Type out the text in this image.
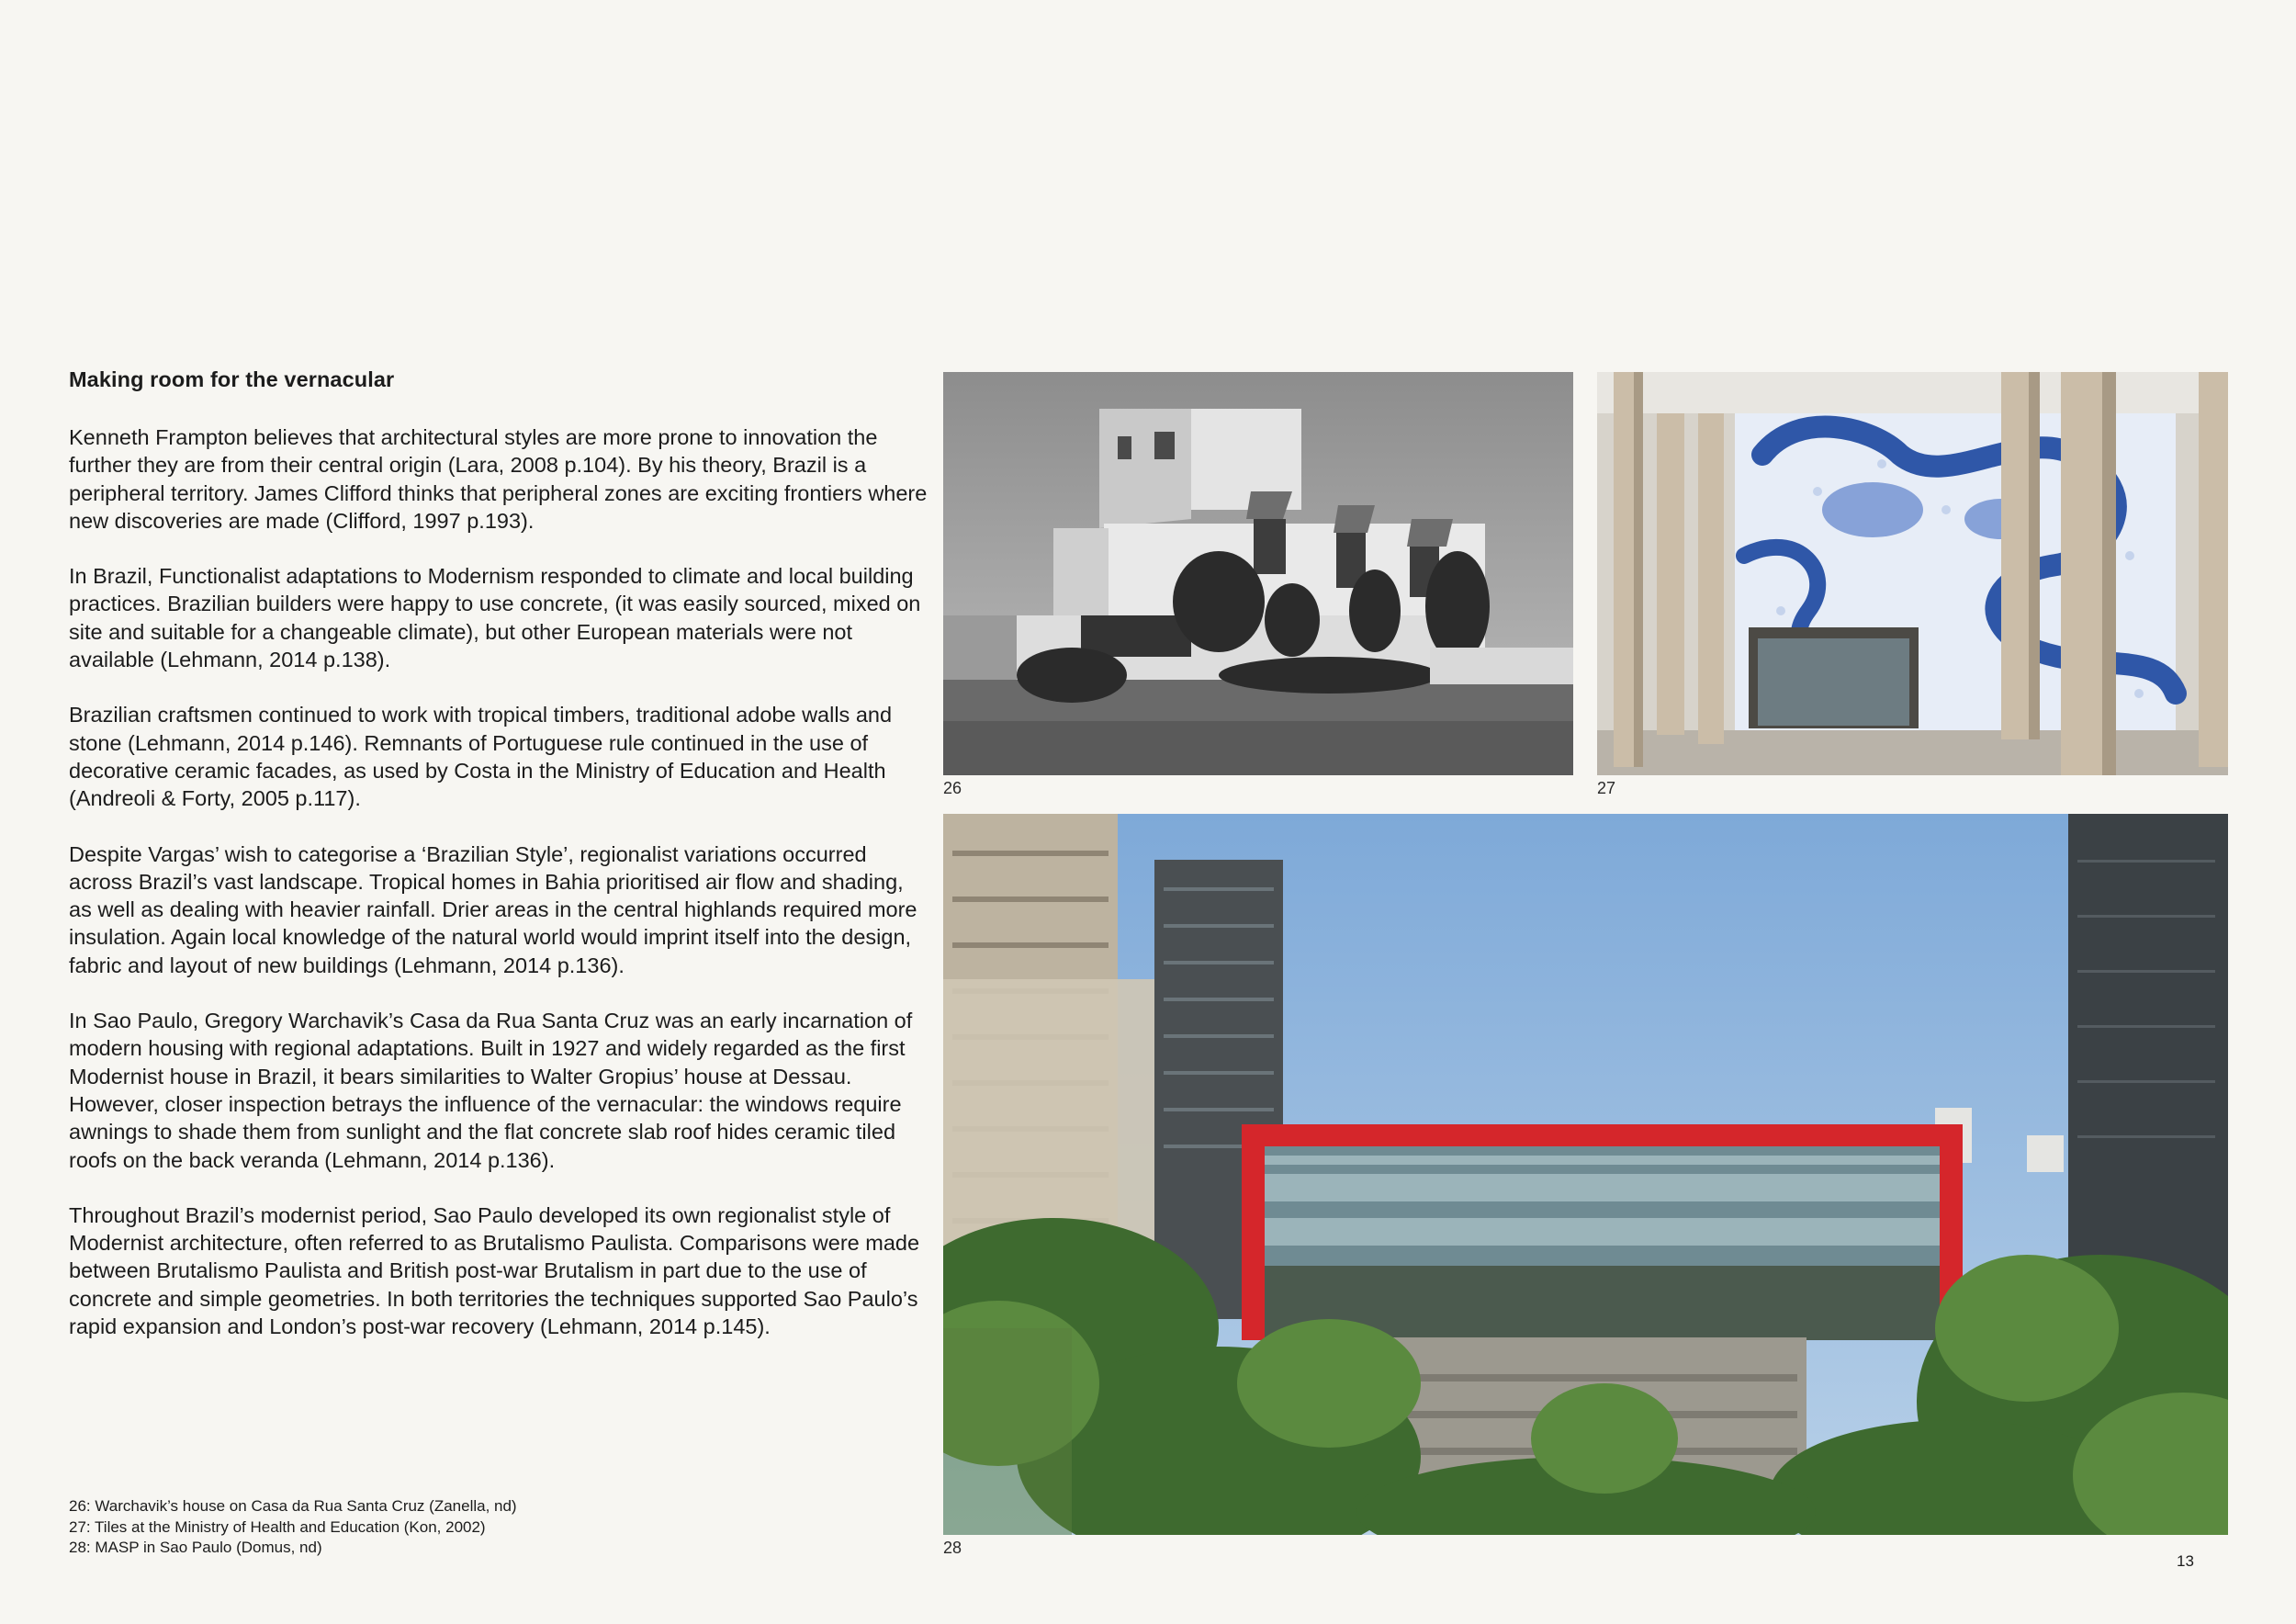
Making room for the vernacular

Kenneth Frampton believes that architectural styles are more prone to innovation the further they are from their central origin (Lara, 2008 p.104). By his theory, Brazil is a peripheral territory. James Clifford thinks that peripheral zones are exciting frontiers where new discoveries are made (Clifford, 1997 p.193).

In Brazil, Functionalist adaptations to Modernism responded to climate and local building practices. Brazilian builders were happy to use concrete, (it was easily sourced, mixed on site and suitable for a changeable climate), but other European materials were not available (Lehmann, 2014 p.138).

Brazilian craftsmen continued to work with tropical timbers, traditional adobe walls and stone (Lehmann, 2014 p.146). Remnants of Portuguese rule continued in the use of decorative ceramic facades, as used by Costa in the Ministry of Education and Health (Andreoli & Forty, 2005 p.117).

Despite Vargas’ wish to categorise a ‘Brazilian Style’, regionalist variations occurred across Brazil’s vast landscape. Tropical homes in Bahia prioritised air flow and shading, as well as dealing with heavier rainfall. Drier areas in the central highlands required more insulation. Again local knowledge of the natural world would imprint itself into the design, fabric and layout of new buildings (Lehmann, 2014 p.136).

In Sao Paulo, Gregory Warchavik’s Casa da Rua Santa Cruz was an early incarnation of modern housing with regional adaptations. Built in 1927 and widely regarded as the first Modernist house in Brazil, it bears similarities to Walter Gropius’ house at Dessau. However, closer inspection betrays the influence of the vernacular: the windows require awnings to shade them from sunlight and the flat concrete slab roof hides ceramic tiled roofs on the back veranda (Lehmann, 2014 p.136).

Throughout Brazil’s modernist period, Sao Paulo developed its own regionalist style of Modernist architecture, often referred to as Brutalismo Paulista. Comparisons were made between Brutalismo Paulista and British post-war Brutalism in part due to the use of concrete and simple geometries. In both territories the techniques supported Sao Paulo’s rapid expansion and London’s post-war recovery (Lehmann, 2014 p.145).

26: Warchavik’s house on Casa da Rua Santa Cruz (Zanella, nd)
27: Tiles at the Ministry of Health and Education (Kon, 2002)
28: MASP in Sao Paulo (Domus, nd)
26	27
28
13
